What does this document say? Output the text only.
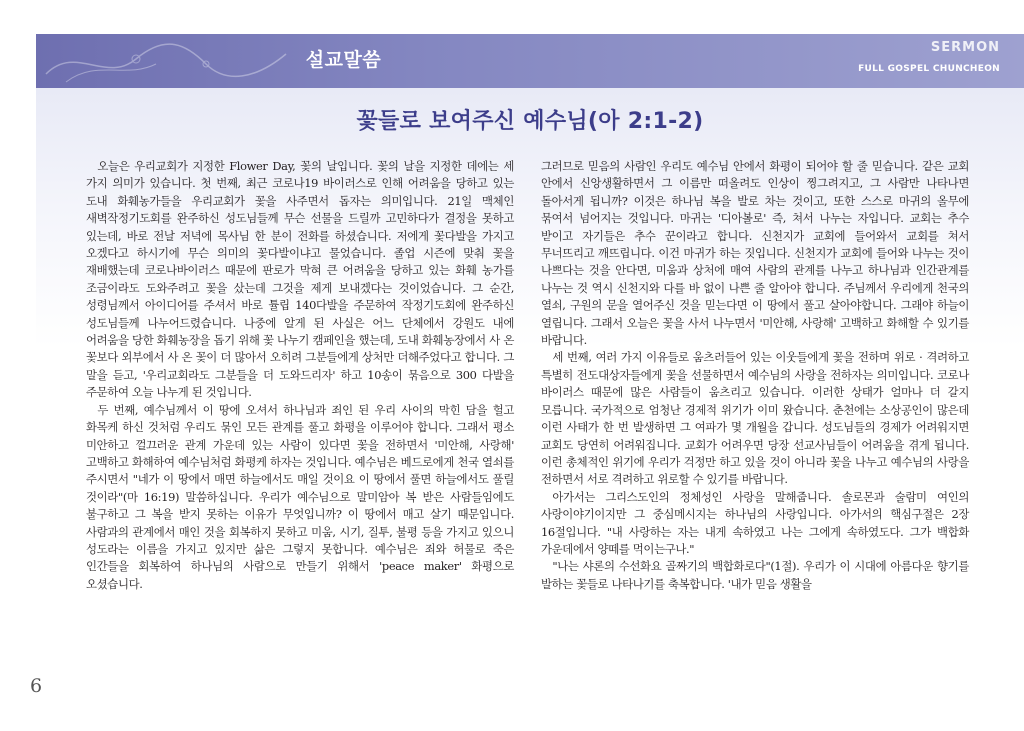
설교말씀
SERMON
FULL GOSPEL CHUNCHEON
꽃들로 보여주신 예수님(아 2:1-2)

오늘은 우리교회가 지정한 Flower Day, 꽃의 날입니다. 꽃의 날을 지정한 데에는 세 가지 의미가 있습니다. 첫 번째, 최근 코로나19 바이러스로 인해 어려움을 당하고 있는 도내 화훼농가들을 우리교회가 꽃을 사주면서 돕자는 의미입니다. 21일 맥체인 새벽작정기도회를 완주하신 성도님들께 무슨 선물을 드릴까 고민하다가 결정을 못하고 있는데, 바로 전날 저녁에 목사님 한 분이 전화를 하셨습니다. 저에게 꽃다발을 가지고 오겠다고 하시기에 무슨 의미의 꽃다발이냐고 물었습니다. 졸업 시즌에 맞춰 꽃을 재배했는데 코로나바이러스 때문에 판로가 막혀 큰 어려움을 당하고 있는 화훼 농가를 조금이라도 도와주려고 꽃을 샀는데 그것을 제게 보내겠다는 것이었습니다. 그 순간, 성령님께서 아이디어를 주셔서 바로 튤립 140다발을 주문하여 작정기도회에 완주하신 성도님들께 나누어드렸습니다. 나중에 알게 된 사실은 어느 단체에서 강원도 내에 어려움을 당한 화훼농장을 돕기 위해 꽃 나누기 캠페인을 했는데, 도내 화훼농장에서 사 온 꽃보다 외부에서 사 온 꽃이 더 많아서 오히려 그분들에게 상처만 더해주었다고 합니다. 그 말을 듣고, '우리교회라도 그분들을 더 도와드리자' 하고 10송이 묶음으로 300 다발을 주문하여 오늘 나누게 된 것입니다.

두 번째, 예수님께서 이 땅에 오셔서 하나님과 죄인 된 우리 사이의 막힌 담을 헐고 화목케 하신 것처럼 우리도 묶인 모든 관계를 풀고 화평을 이루어야 합니다. 그래서 평소 미안하고 껄끄러운 관계 가운데 있는 사람이 있다면 꽃을 전하면서 '미안해, 사랑해' 고백하고 화해하여 예수님처럼 화평케 하자는 것입니다. 예수님은 베드로에게 천국 열쇠를 주시면서 "네가 이 땅에서 매면 하늘에서도 매일 것이요 이 땅에서 풀면 하늘에서도 풀릴 것이라"(마 16:19) 말씀하십니다. 우리가 예수님으로 말미암아 복 받은 사람들임에도 불구하고 그 복을 받지 못하는 이유가 무엇입니까? 이 땅에서 매고 살기 때문입니다. 사람과의 관계에서 매인 것을 회복하지 못하고 미움, 시기, 질투, 불평 등을 가지고 있으니 성도라는 이름을 가지고 있지만 삶은 그렇지 못합니다. 예수님은 죄와 허물로 죽은 인간들을 회복하여 하나님의 사람으로 만들기 위해서 'peace maker' 화평으로 오셨습니다.

그러므로 믿음의 사람인 우리도 예수님 안에서 화평이 되어야 할 줄 믿습니다. 같은 교회 안에서 신앙생활하면서 그 이름만 떠올려도 인상이 찡그려지고, 그 사람만 나타나면 돌아서게 됩니까? 이것은 하나님 복을 발로 차는 것이고, 또한 스스로 마귀의 올무에 묶여서 넘어지는 것입니다. 마귀는 '디아볼로' 즉, 쳐서 나누는 자입니다. 교회는 추수 받이고 자기들은 추수 꾼이라고 합니다. 신천지가 교회에 들어와서 교회를 쳐서 무너뜨리고 깨뜨립니다. 이건 마귀가 하는 짓입니다. 신천지가 교회에 들어와 나누는 것이 나쁘다는 것을 안다면, 미움과 상처에 매여 사람의 관계를 나누고 하나님과 인간관계를 나누는 것 역시 신천지와 다를 바 없이 나쁜 줄 알아야 합니다. 주님께서 우리에게 천국의 열쇠, 구원의 문을 열어주신 것을 믿는다면 이 땅에서 풀고 살아야합니다. 그래야 하늘이 열립니다. 그래서 오늘은 꽃을 사서 나누면서 '미안해, 사랑해' 고백하고 화해할 수 있기를 바랍니다.

세 번째, 여러 가지 이유들로 움츠러들어 있는 이웃들에게 꽃을 전하며 위로 · 격려하고 특별히 전도대상자들에게 꽃을 선물하면서 예수님의 사랑을 전하자는 의미입니다. 코로나 바이러스 때문에 많은 사람들이 움츠리고 있습니다. 이러한 상태가 얼마나 더 갈지 모릅니다. 국가적으로 엄청난 경제적 위기가 이미 왔습니다. 춘천에는 소상공인이 많은데 이런 사태가 한 번 발생하면 그 여파가 몇 개월을 갑니다. 성도님들의 경제가 어려워지면 교회도 당연히 어려워집니다. 교회가 어려우면 당장 선교사님들이 어려움을 겪게 됩니다. 이런 총체적인 위기에 우리가 걱정만 하고 있을 것이 아니라 꽃을 나누고 예수님의 사랑을 전하면서 서로 격려하고 위로할 수 있기를 바랍니다.

아가서는 그리스도인의 정체성인 사랑을 말해줍니다. 솔로몬과 술람미 여인의 사랑이야기이지만 그 중심메시지는 하나님의 사랑입니다. 아가서의 핵심구절은 2장 16절입니다. "내 사랑하는 자는 내게 속하였고 나는 그에게 속하였도다. 그가 백합화 가운데에서 양떼를 먹이는구나."

"나는 샤론의 수선화요 골짜기의 백합화로다"(1절). 우리가 이 시대에 아름다운 향기를 발하는 꽃들로 나타나기를 축복합니다. '내가 믿음 생활을

6
